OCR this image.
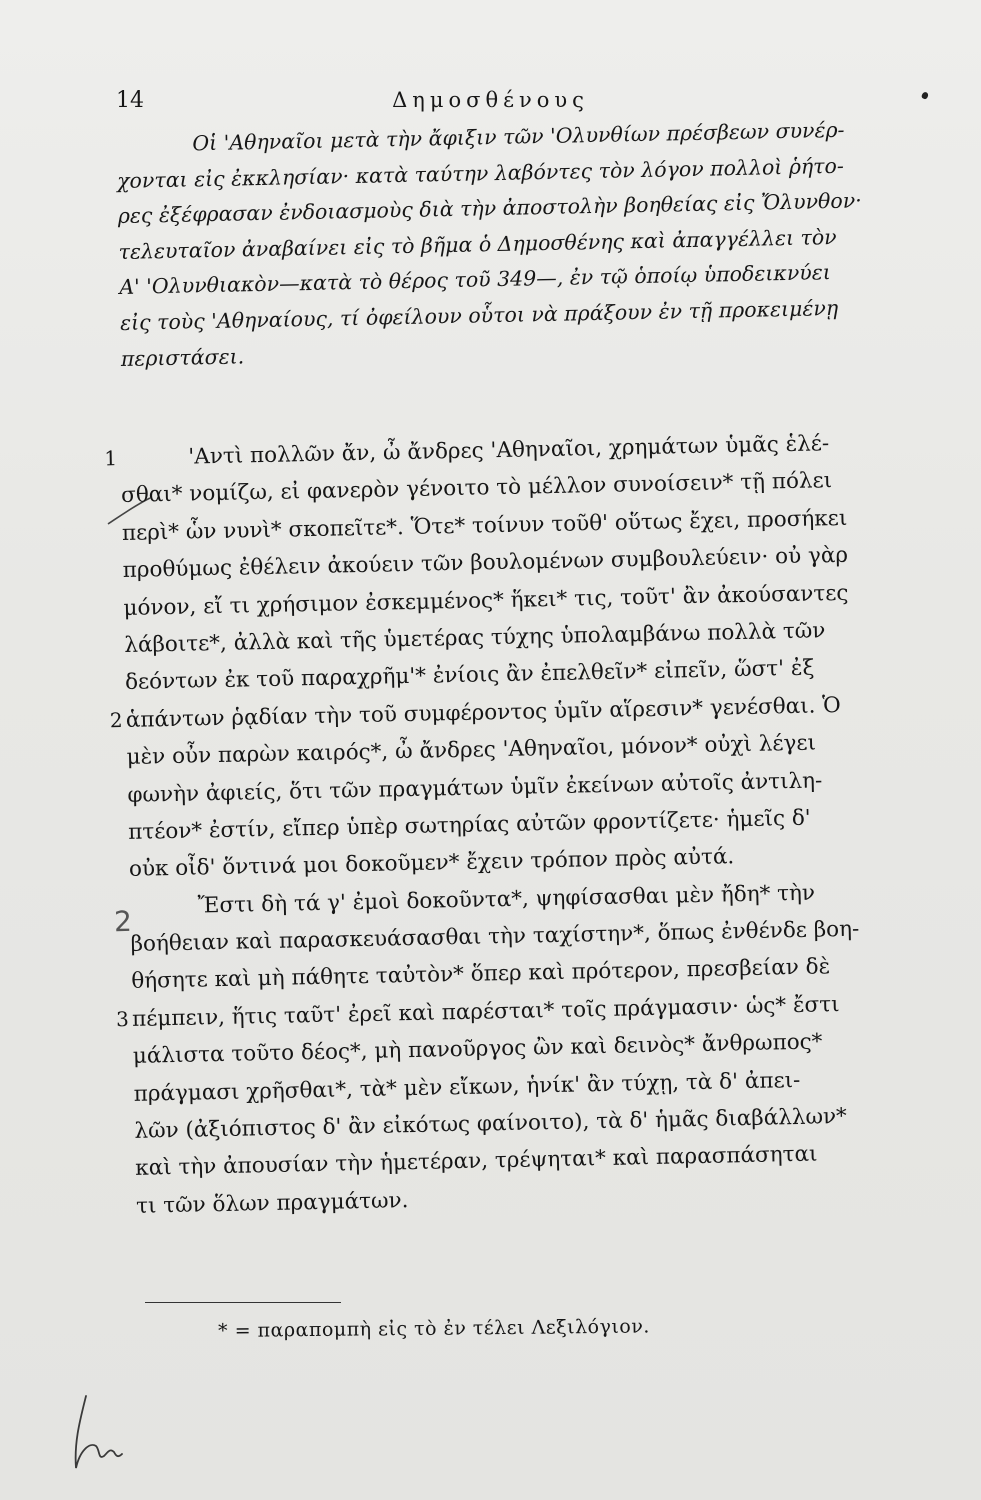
14	Δημοσθένους
Οἱ 'Αθηναῖοι μετὰ τὴν ἄφιξιν τῶν 'Ολυνθίων πρέσβεων συνέρ-
χονται εἰς ἐκκλησίαν· κατὰ ταύτην λαβόντες τὸν λόγον πολλοὶ ῥήτο-
ρες ἐξέφρασαν ἐνδοιασμοὺς διὰ τὴν ἀποστολὴν βοηθείας εἰς Ὄλυνθον·
τελευταῖον ἀναβαίνει εἰς τὸ βῆμα ὁ Δημοσθένης καὶ ἀπαγγέλλει τὸν
Α' 'Ολυνθιακὸν—κατὰ τὸ θέρος τοῦ 349—, ἐν τῷ ὁποίῳ ὑποδεικνύει
εἰς τοὺς 'Αθηναίους, τί ὀφείλουν οὗτοι νὰ πράξουν ἐν τῇ προκειμένῃ
περιστάσει.
1	'Αντὶ πολλῶν ἄν, ὦ ἄνδρες 'Αθηναῖοι, χρημάτων ὑμᾶς ἑλέ-
σθαι* νομίζω, εἰ φανερὸν γένοιτο τὸ μέλλον συνοίσειν* τῇ πόλει
περὶ* ὧν νυνὶ* σκοπεῖτε*. Ὅτε* τοίνυν τοῦθ' οὕτως ἔχει, προσήκει
προθύμως ἐθέλειν ἀκούειν τῶν βουλομένων συμβουλεύειν· οὐ γὰρ
μόνον, εἴ τι χρήσιμον ἐσκεμμένος* ἥκει* τις, τοῦτ' ἂν ἀκούσαντες
λάβοιτε*, ἀλλὰ καὶ τῆς ὑμετέρας τύχης ὑπολαμβάνω πολλὰ τῶν
δεόντων ἐκ τοῦ παραχρῆμ'* ἐνίοις ἂν ἐπελθεῖν* εἰπεῖν, ὥστ' ἐξ
2 ἁπάντων ῥᾳδίαν τὴν τοῦ συμφέροντος ὑμῖν αἵρεσιν* γενέσθαι. Ὁ
μὲν οὖν παρὼν καιρός*, ὦ ἄνδρες 'Αθηναῖοι, μόνον* οὐχὶ λέγει
φωνὴν ἀφιείς, ὅτι τῶν πραγμάτων ὑμῖν ἐκείνων αὐτοῖς ἀντιλη-
πτέον* ἐστίν, εἴπερ ὑπὲρ σωτηρίας αὐτῶν φροντίζετε· ἡμεῖς δ'
οὐκ οἶδ' ὅντινά μοι δοκοῦμεν* ἔχειν τρόπον πρὸς αὐτά.
2
Ἔστι δὴ τά γ' ἐμοὶ δοκοῦντα*, ψηφίσασθαι μὲν ἤδη* τὴν
βοήθειαν καὶ παρασκευάσασθαι τὴν ταχίστην*, ὅπως ἐνθένδε βοη-
θήσητε καὶ μὴ πάθητε ταὐτὸν* ὅπερ καὶ πρότερον, πρεσβείαν δὲ
3 πέμπειν, ἥτις ταῦτ' ἐρεῖ καὶ παρέσται* τοῖς πράγμασιν· ὡς* ἔστι
μάλιστα τοῦτο δέος*, μὴ πανοῦργος ὢν καὶ δεινὸς* ἄνθρωπος*
πράγμασι χρῆσθαι*, τὰ* μὲν εἴκων, ἡνίκ' ἂν τύχῃ, τὰ δ' ἀπει-
λῶν (ἀξιόπιστος δ' ἂν εἰκότως φαίνοιτο), τὰ δ' ἡμᾶς διαβάλλων*
καὶ τὴν ἀπουσίαν τὴν ἡμετέραν, τρέψηται* καὶ παρασπάσηται
τι τῶν ὅλων πραγμάτων.
* = παραπομπὴ εἰς τὸ ἐν τέλει Λεξιλόγιον.
